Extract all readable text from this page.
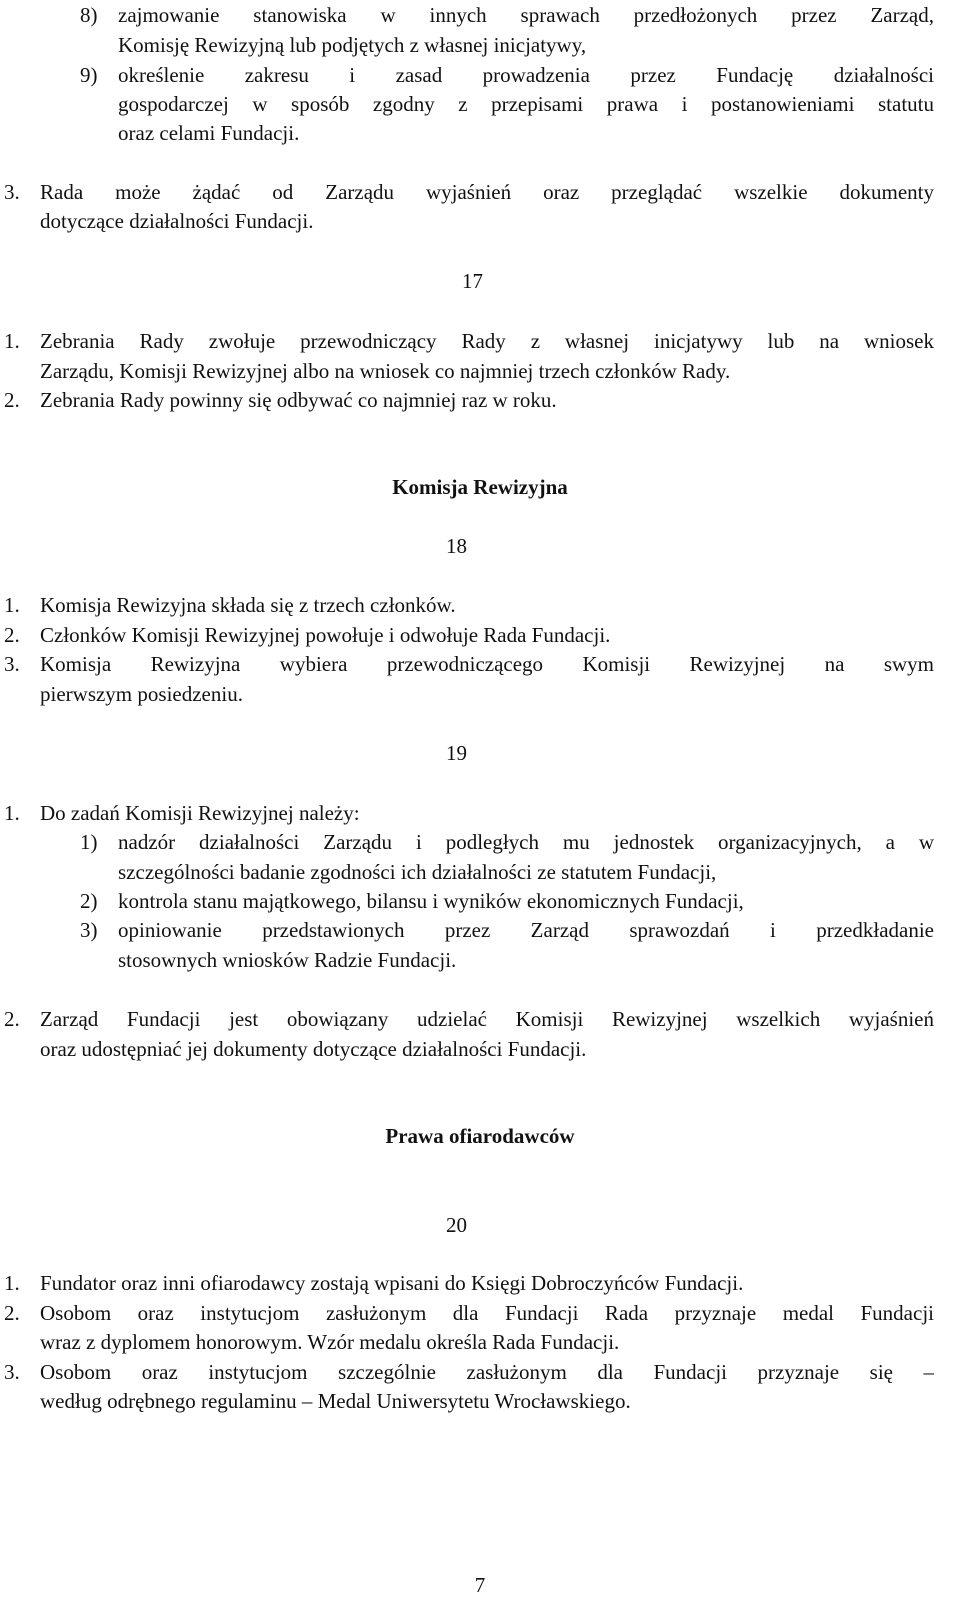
8) zajmowanie stanowiska w innych sprawach przedłożonych przez Zarząd,
Komisję Rewizyjną lub podjętych z własnej inicjatywy,
9) określenie zakresu i zasad prowadzenia przez Fundację działalności
gospodarczej w sposób zgodny z przepisami prawa i postanowieniami statutu
oraz celami Fundacji.
3. Rada może żądać od Zarządu wyjaśnień oraz przeglądać wszelkie dokumenty
dotyczące działalności Fundacji.
17
1. Zebrania Rady zwołuje przewodniczący Rady z własnej inicjatywy lub na wniosek
Zarządu, Komisji Rewizyjnej albo na wniosek co najmniej trzech członków Rady.
2. Zebrania Rady powinny się odbywać co najmniej raz w roku.
Komisja Rewizyjna
18
1. Komisja Rewizyjna składa się z trzech członków.
2. Członków Komisji Rewizyjnej powołuje i odwołuje Rada Fundacji.
3. Komisja Rewizyjna wybiera przewodniczącego Komisji Rewizyjnej na swym
pierwszym posiedzeniu.
19
1. Do zadań Komisji Rewizyjnej należy:
1) nadzór działalności Zarządu i podległych mu jednostek organizacyjnych, a w
szczególności badanie zgodności ich działalności ze statutem Fundacji,
2) kontrola stanu majątkowego, bilansu i wyników ekonomicznych Fundacji,
3) opiniowanie przedstawionych przez Zarząd sprawozdań i przedkładanie
stosownych wniosków Radzie Fundacji.
2. Zarząd Fundacji jest obowiązany udzielać Komisji Rewizyjnej wszelkich wyjaśnień
oraz udostępniać jej dokumenty dotyczące działalności Fundacji.
Prawa ofiarodawców
20
1. Fundator oraz inni ofiarodawcy zostają wpisani do Księgi Dobroczyńców Fundacji.
2. Osobom oraz instytucjom zasłużonym dla Fundacji Rada przyznaje medal Fundacji
wraz z dyplomem honorowym. Wzór medalu określa Rada Fundacji.
3. Osobom oraz instytucjom szczególnie zasłużonym dla Fundacji przyznaje się –
według odrębnego regulaminu – Medal Uniwersytetu Wrocławskiego.
7
